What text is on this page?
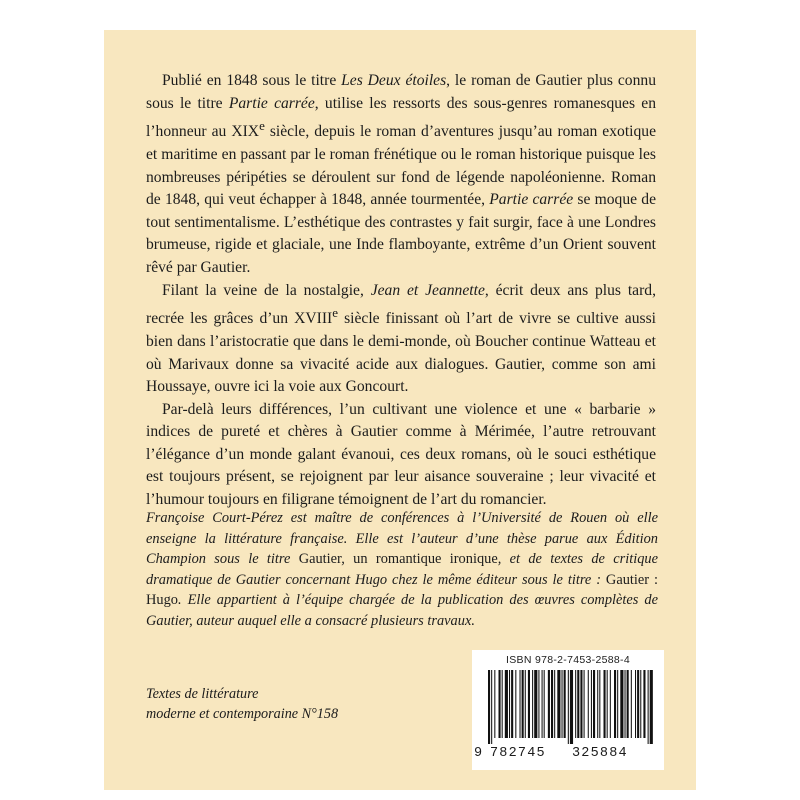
Publié en 1848 sous le titre Les Deux étoiles, le roman de Gautier plus connu sous le titre Partie carrée, utilise les ressorts des sous-genres romanesques en l’honneur au XIXe siècle, depuis le roman d’aventures jusqu’au roman exotique et maritime en passant par le roman frénétique ou le roman historique puisque les nombreuses péripéties se déroulent sur fond de légende napoléonienne. Roman de 1848, qui veut échapper à 1848, année tourmentée, Partie carrée se moque de tout sentimentalisme. L’esthétique des contrastes y fait surgir, face à une Londres brumeuse, rigide et glaciale, une Inde flamboyante, extrême d’un Orient souvent rêvé par Gautier.

Filant la veine de la nostalgie, Jean et Jeannette, écrit deux ans plus tard, recrée les grâces d’un XVIIIe siècle finissant où l’art de vivre se cultive aussi bien dans l’aristocratie que dans le demi-monde, où Boucher continue Watteau et où Marivaux donne sa vivacité acide aux dialogues. Gautier, comme son ami Houssaye, ouvre ici la voie aux Goncourt.

Par-delà leurs différences, l’un cultivant une violence et une « barbarie » indices de pureté et chères à Gautier comme à Mérimée, l’autre retrouvant l’élégance d’un monde galant évanoui, ces deux romans, où le souci esthétique est toujours présent, se rejoignent par leur aisance souveraine ; leur vivacité et l’humour toujours en filigrane témoignent de l’art du romancier.

Françoise Court-Pérez est maître de conférences à l’Université de Rouen où elle enseigne la littérature française. Elle est l’auteur d’une thèse parue aux Édition Champion sous le titre Gautier, un romantique ironique, et de textes de critique dramatique de Gautier concernant Hugo chez le même éditeur sous le titre : Gautier : Hugo. Elle appartient à l’équipe chargée de la publication des œuvres complètes de Gautier, auteur auquel elle a consacré plusieurs travaux.
Textes de littérature
moderne et contemporaine N°158
ISBN 978-2-7453-2588-4
9 782745 325884
